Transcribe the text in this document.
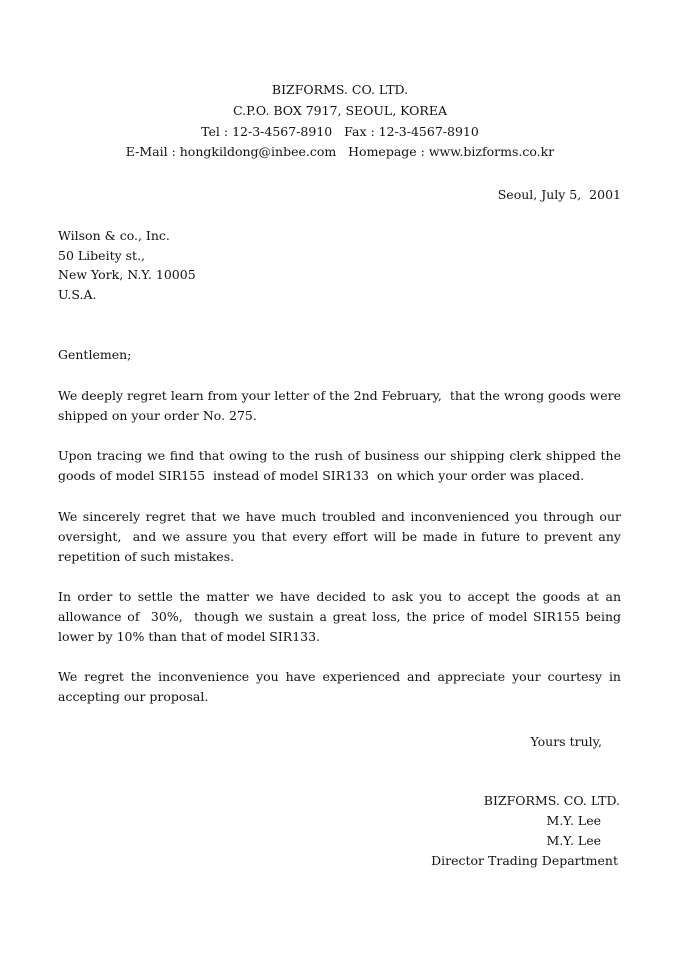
BIZFORMS. CO. LTD.
C.P.O. BOX 7917, SEOUL, KOREA
Tel : 12-3-4567-8910   Fax : 12-3-4567-8910
E-Mail : hongkildong@inbee.com   Homepage : www.bizforms.co.kr
Seoul, July 5,  2001
Wilson & co., Inc.
50 Libeity st.,
New York, N.Y. 10005
U.S.A.
Gentlemen;
We deeply regret learn from your letter of the 2nd February,  that the wrong goods were shipped on your order No. 275.
Upon tracing we find that owing to the rush of business our shipping clerk shipped the goods of model SIR155  instead of model SIR133  on which your order was placed.
We sincerely regret that we have much troubled and inconvenienced you through our oversight,  and we assure you that every effort will be made in future to prevent any repetition of such mistakes.
In order to settle the matter we have decided to ask you to accept the goods at an allowance of  30%,  though we sustain a great loss, the price of model SIR155 being lower by 10% than that of model SIR133.
We regret the inconvenience you have experienced and appreciate your courtesy in accepting our proposal.
Yours truly,
BIZFORMS. CO. LTD.
M.Y. Lee
M.Y. Lee
Director Trading Department
